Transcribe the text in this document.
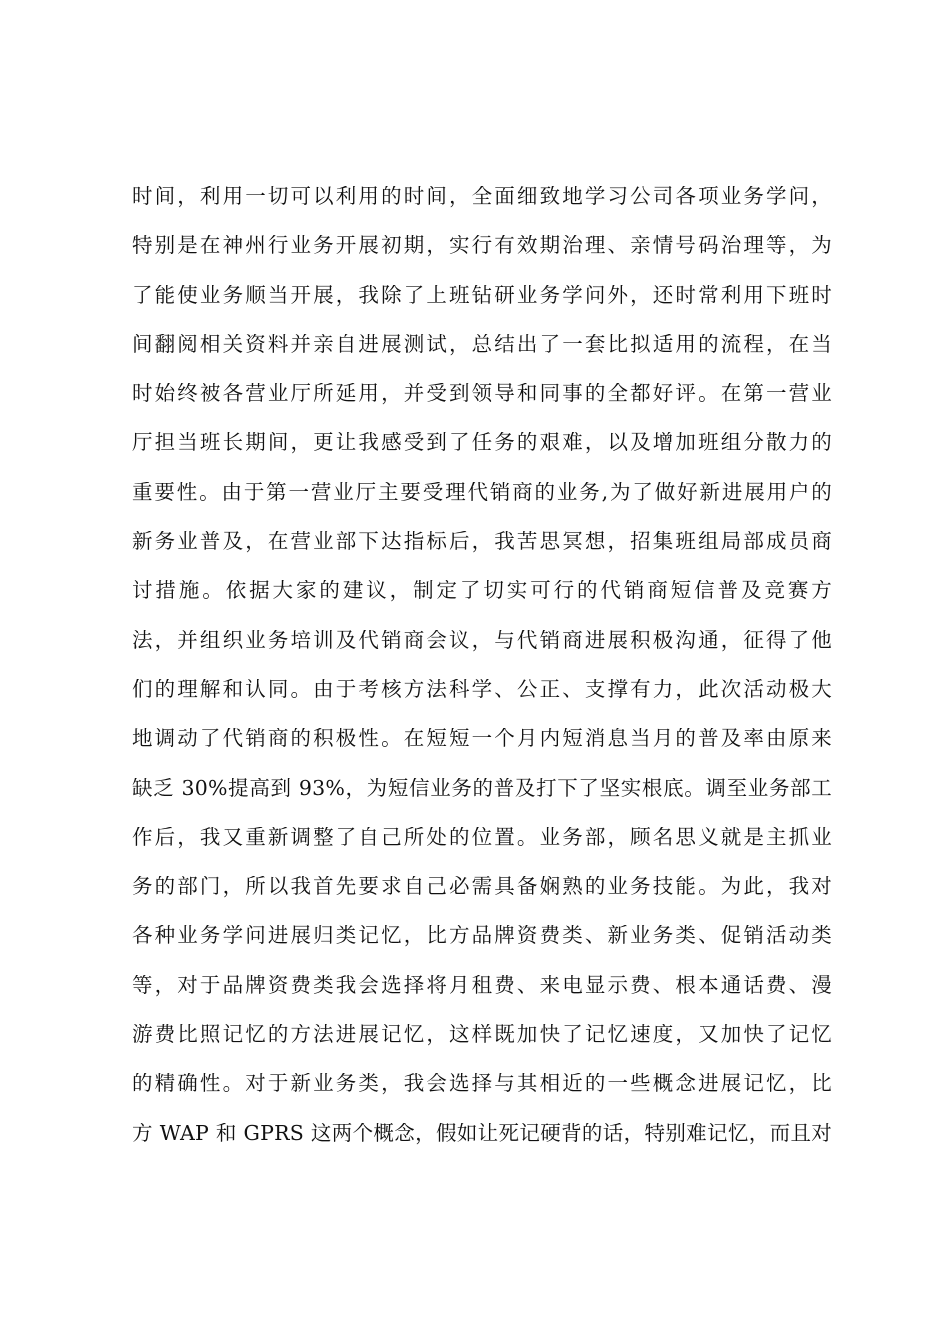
时间，利用一切可以利用的时间，全面细致地学习公司各项业务学问，
特别是在神州行业务开展初期，实行有效期治理、亲情号码治理等，为
了能使业务顺当开展，我除了上班钻研业务学问外，还时常利用下班时
间翻阅相关资料并亲自进展测试，总结出了一套比拟适用的流程，在当
时始终被各营业厅所延用，并受到领导和同事的全都好评。在第一营业
厅担当班长期间，更让我感受到了任务的艰难，以及增加班组分散力的
重要性。由于第一营业厅主要受理代销商的业务,为了做好新进展用户的
新务业普及，在营业部下达指标后，我苦思冥想，招集班组局部成员商
讨措施。依据大家的建议，制定了切实可行的代销商短信普及竞赛方
法，并组织业务培训及代销商会议，与代销商进展积极沟通，征得了他
们的理解和认同。由于考核方法科学、公正、支撑有力，此次活动极大
地调动了代销商的积极性。在短短一个月内短消息当月的普及率由原来
缺乏 30%提高到 93%，为短信业务的普及打下了坚实根底。调至业务部工
作后，我又重新调整了自己所处的位置。业务部，顾名思义就是主抓业
务的部门，所以我首先要求自己必需具备娴熟的业务技能。为此，我对
各种业务学问进展归类记忆，比方品牌资费类、新业务类、促销活动类
等，对于品牌资费类我会选择将月租费、来电显示费、根本通话费、漫
游费比照记忆的方法进展记忆，这样既加快了记忆速度，又加快了记忆
的精确性。对于新业务类，我会选择与其相近的一些概念进展记忆，比
方 WAP 和 GPRS 这两个概念，假如让死记硬背的话，特别难记忆，而且对
